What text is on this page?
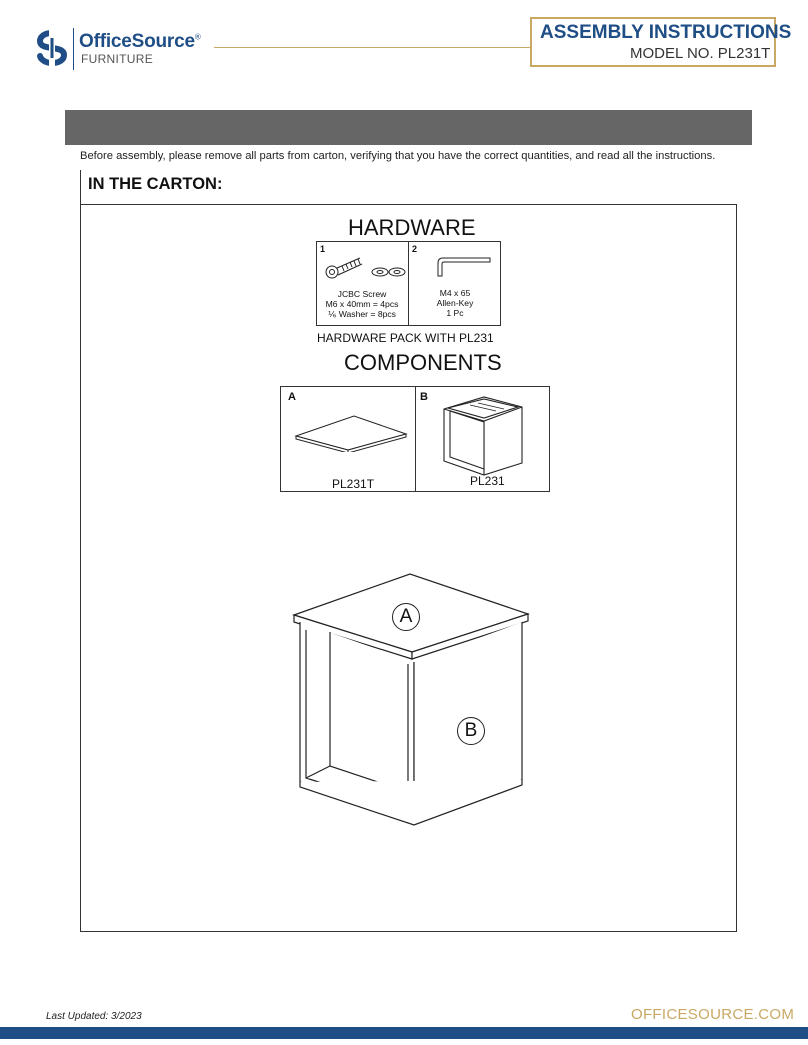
OfficeSource®
FURNITURE
ASSEMBLY INSTRUCTIONS
MODEL NO. PL231T
Before assembly, please remove all parts from carton, verifying that you have the correct quantities, and read all the instructions.
IN THE CARTON:
HARDWARE
1	2
JCBC Screw
M6 x 40mm = 4pcs
⅙ Washer = 8pcs
M4 x 65
Allen-Key
1 Pc
HARDWARE PACK WITH PL231
COMPONENTS
A	B
PL231T	PL231
A
B
Last Updated: 3/2023	OFFICESOURCE.COM
